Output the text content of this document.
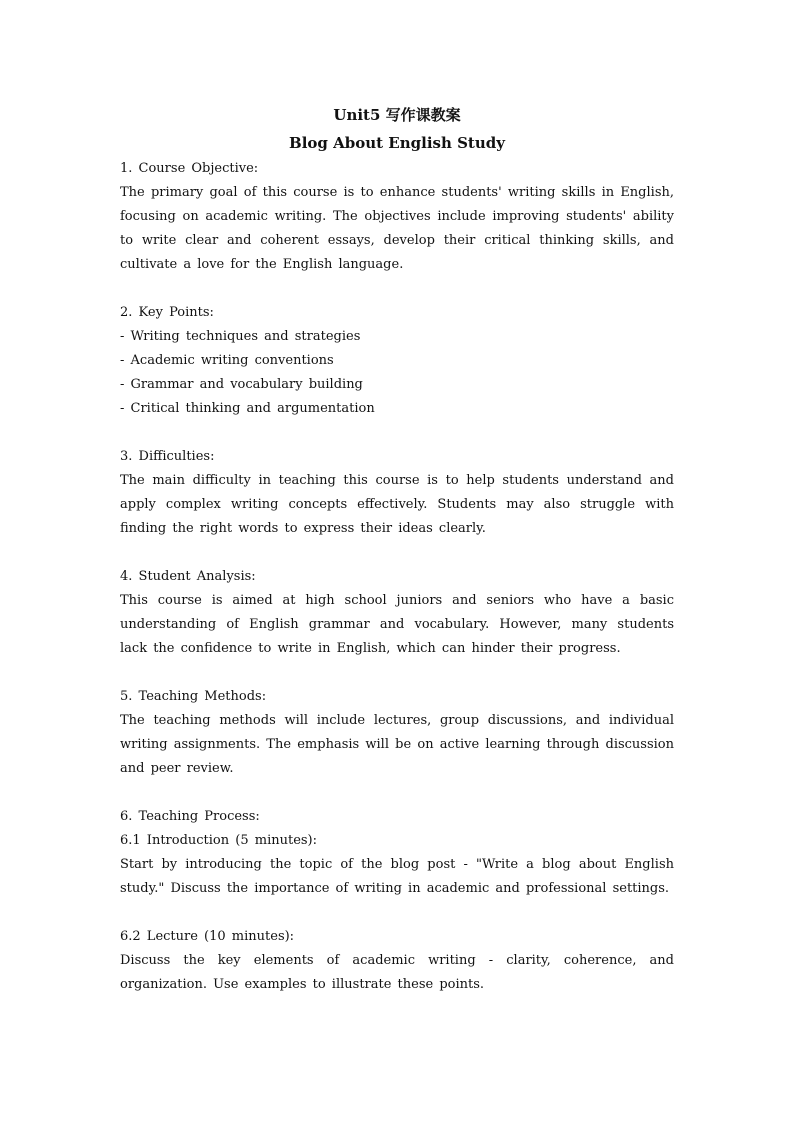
Unit5 写作课教案
Blog About English Study

1. Course Objective:

The primary goal of this course is to enhance students' writing skills in English, focusing on academic writing. The objectives include improving students' ability to write clear and coherent essays, develop their critical thinking skills, and cultivate a love for the English language.

2. Key Points:

- Writing techniques and strategies
- Academic writing conventions
- Grammar and vocabulary building
- Critical thinking and argumentation

3. Difficulties:

The main difficulty in teaching this course is to help students understand and apply complex writing concepts effectively. Students may also struggle with finding the right words to express their ideas clearly.

4. Student Analysis:

This course is aimed at high school juniors and seniors who have a basic understanding of English grammar and vocabulary. However, many students lack the confidence to write in English, which can hinder their progress.

5. Teaching Methods:

The teaching methods will include lectures, group discussions, and individual writing assignments. The emphasis will be on active learning through discussion and peer review.

6. Teaching Process:

6.1 Introduction (5 minutes):

Start by introducing the topic of the blog post - "Write a blog about English study." Discuss the importance of writing in academic and professional settings.

6.2 Lecture (10 minutes):

Discuss the key elements of academic writing - clarity, coherence, and organization. Use examples to illustrate these points.
